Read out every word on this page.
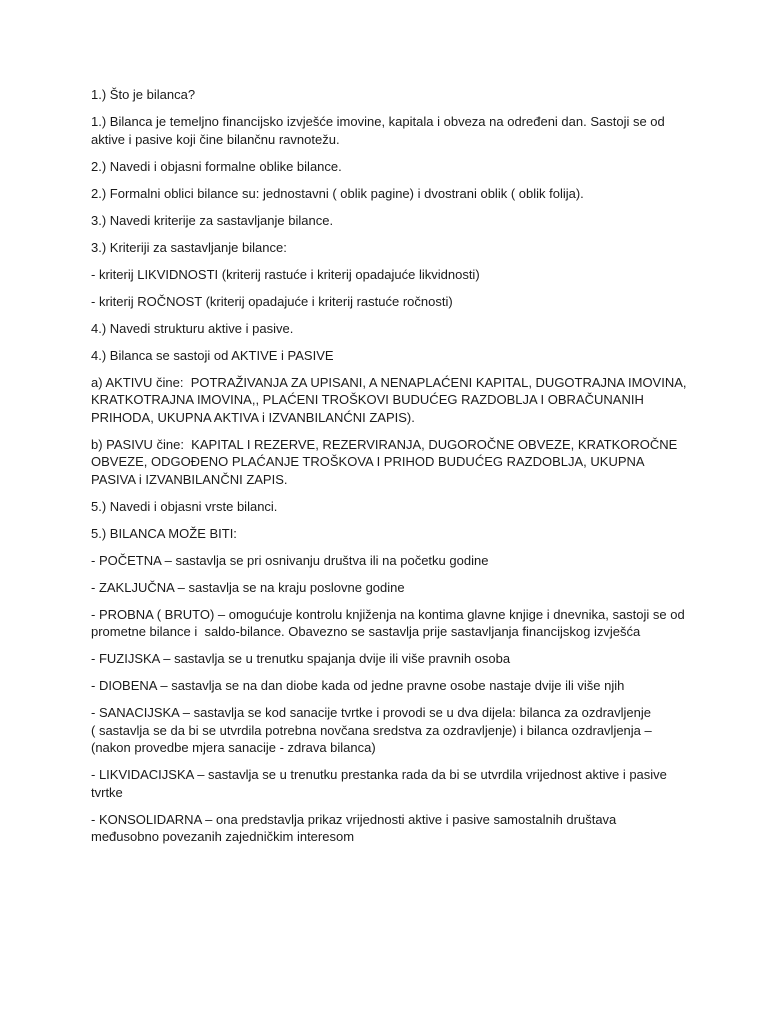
1.) Što je bilanca?

1.) Bilanca je temeljno financijsko izvješće imovine, kapitala i obveza na određeni dan. Sastoji se od aktive i pasive koji čine bilančnu ravnotežu.

2.) Navedi i objasni formalne oblike bilance.

2.) Formalni oblici bilance su: jednostavni ( oblik pagine) i dvostrani oblik ( oblik folija).

3.) Navedi kriterije za sastavljanje bilance.

3.) Kriteriji za sastavljanje bilance:

- kriterij LIKVIDNOSTI (kriterij rastuće i kriterij opadajuće likvidnosti)

- kriterij ROČNOST (kriterij opadajuće i kriterij rastuće ročnosti)

4.) Navedi strukturu aktive i pasive.

4.) Bilanca se sastoji od AKTIVE i PASIVE

a) AKTIVU čine:  POTRAŽIVANJA ZA UPISANI, A NENAPLAĆENI KAPITAL, DUGOTRAJNA IMOVINA, KRATKOTRAJNA IMOVINA,, PLAĆENI TROŠKOVI BUDUĆEG RAZDOBLJA I OBRAČUNANIH PRIHODA, UKUPNA AKTIVA i IZVANBILANĆNI ZAPIS).

b) PASIVU čine:  KAPITAL I REZERVE, REZERVIRANJA, DUGOROČNE OBVEZE, KRATKOROČNE OBVEZE, ODGOĐENO PLAĆANJE TROŠKOVA I PRIHOD BUDUĆEG RAZDOBLJA, UKUPNA PASIVA i IZVANBILANČNI ZAPIS.

5.) Navedi i objasni vrste bilanci.

5.) BILANCA MOŽE BITI:

- POČETNA – sastavlja se pri osnivanju društva ili na početku godine

- ZAKLJUČNA – sastavlja se na kraju poslovne godine

- PROBNA ( BRUTO) – omogućuje kontrolu knjiženja na kontima glavne knjige i dnevnika, sastoji se od prometne bilance i  saldo-bilance. Obavezno se sastavlja prije sastavljanja financijskog izvješća

- FUZIJSKA – sastavlja se u trenutku spajanja dvije ili više pravnih osoba

- DIOBENA – sastavlja se na dan diobe kada od jedne pravne osobe nastaje dvije ili više njih

- SANACIJSKA – sastavlja se kod sanacije tvrtke i provodi se u dva dijela: bilanca za ozdravljenje
( sastavlja se da bi se utvrdila potrebna novčana sredstva za ozdravljenje) i bilanca ozdravljenja –
(nakon provedbe mjera sanacije - zdrava bilanca)

- LIKVIDACIJSKA – sastavlja se u trenutku prestanka rada da bi se utvrdila vrijednost aktive i pasive tvrtke

- KONSOLIDARNA – ona predstavlja prikaz vrijednosti aktive i pasive samostalnih društava
međusobno povezanih zajedničkim interesom
